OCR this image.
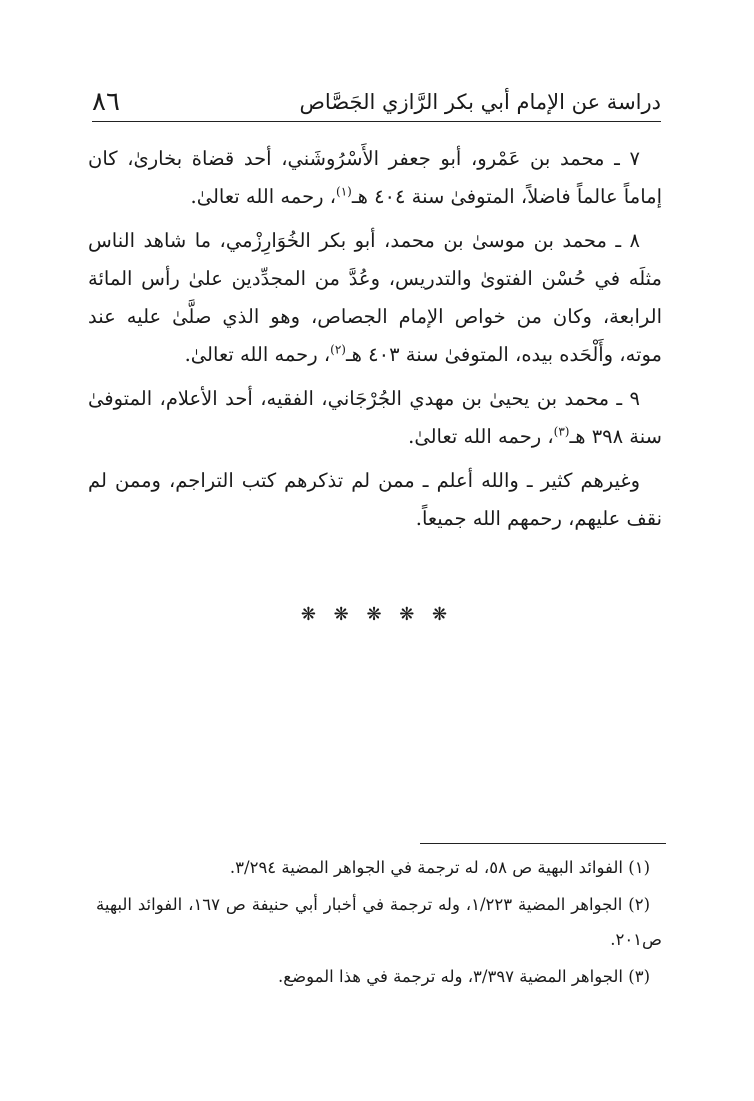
دراسة عن الإمام أبي بكر الرَّازي الجَصَّاص
٨٦

٧ ـ محمد بن عَمْرو، أبو جعفر الأَسْرُوشَني، أحد قضاة بخارىٰ، كان إماماً عالماً فاضلاً، المتوفىٰ سنة ٤٠٤ هـ$^{(١)}$، رحمه الله تعالىٰ.

٨ ـ محمد بن موسىٰ بن محمد، أبو بكر الخُوَارِزْمي، ما شاهد الناس مثلَه في حُسْن الفتوىٰ والتدريس، وعُدَّ من المجدِّدين علىٰ رأس المائة الرابعة، وكان من خواص الإمام الجصاص، وهو الذي صلَّىٰ عليه عند موته، وأَلْحَده بيده، المتوفىٰ سنة ٤٠٣ هـ$^{(٢)}$، رحمه الله تعالىٰ.

٩ ـ محمد بن يحيىٰ بن مهدي الجُرْجَاني، الفقيه، أحد الأعلام، المتوفىٰ سنة ٣٩٨ هـ$^{(٣)}$، رحمه الله تعالىٰ.

وغيرهم كثير ـ والله أعلم ـ ممن لم تذكرهم كتب التراجم، وممن لم نقف عليهم، رحمهم الله جميعاً.

❋ ❋ ❋ ❋ ❋

(١) الفوائد البهية ص ٥٨، له ترجمة في الجواهر المضية ٣/٢٩٤.

(٢) الجواهر المضية ١/٢٢٣، وله ترجمة في أخبار أبي حنيفة ص ١٦٧، الفوائد البهية ص٢٠١.

(٣) الجواهر المضية ٣/٣٩٧، وله ترجمة في هذا الموضع.
